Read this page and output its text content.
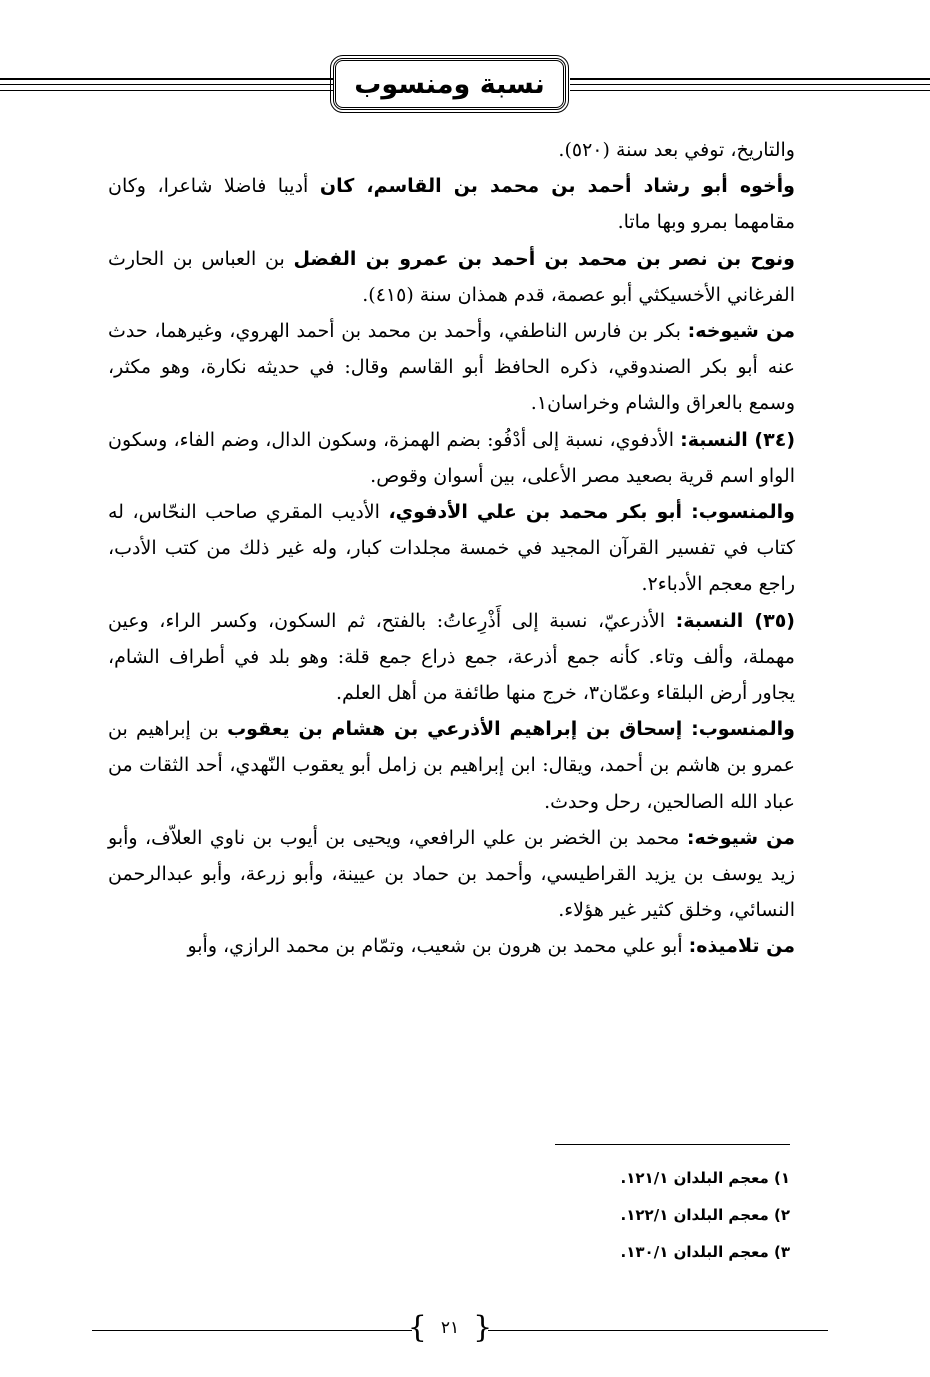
نسبة ومنسوب

والتاريخ، توفي بعد سنة (٥٢٠).

وأخوه أبو رشاد أحمد بن محمد بن القاسم، كان أديبا فاضلا شاعرا، وكان مقامهما بمرو وبها ماتا.

ونوح بن نصر بن محمد بن أحمد بن عمرو بن الفضل بن العباس بن الحارث الفرغاني الأخسيكثي أبو عصمة، قدم همذان سنة (٤١٥).

من شيوخه: بكر بن فارس الناطفي، وأحمد بن محمد بن أحمد الهروي، وغيرهما، حدث عنه أبو بكر الصندوقي، ذكره الحافظ أبو القاسم وقال: في حديثه نكارة، وهو مكثر، وسمع بالعراق والشام وخراسان١.

(٣٤) النسبة: الأدفوي، نسبة إلى أدْفُو: بضم الهمزة، وسكون الدال، وضم الفاء، وسكون الواو اسم قرية بصعيد مصر الأعلى، بين أسوان وقوص.

والمنسوب: أبو بكر محمد بن علي الأدفوي، الأديب المقري صاحب النحّاس، له كتاب في تفسير القرآن المجيد في خمسة مجلدات كبار، وله غير ذلك من كتب الأدب، راجع معجم الأدباء٢.

(٣٥) النسبة: الأذرعيّ، نسبة إلى أَذْرِعاتُ: بالفتح، ثم السكون، وكسر الراء، وعين مهملة، وألف وتاء. كأنه جمع أذرعة، جمع ذراع جمع قلة: وهو بلد في أطراف الشام، يجاور أرض البلقاء وعمّان٣، خرج منها طائفة من أهل العلم.

والمنسوب: إسحاق بن إبراهيم الأذرعي بن هشام بن يعقوب بن إبراهيم بن عمرو بن هاشم بن أحمد، ويقال: ابن إبراهيم بن زامل أبو يعقوب النّهدي، أحد الثقات من عباد الله الصالحين، رحل وحدث.

من شيوخه: محمد بن الخضر بن علي الرافعي، ويحيى بن أيوب بن ناوي العلاّف، وأبو زيد يوسف بن يزيد القراطيسي، وأحمد بن حماد بن عيينة، وأبو زرعة، وأبو عبدالرحمن النسائي، وخلق كثير غير هؤلاء.

من تلاميذه: أبو علي محمد بن هرون بن شعيب، وتمّام بن محمد الرازي، وأبو

١) معجم البلدان ١٢١/١.
٢) معجم البلدان ١٢٢/١.
٣) معجم البلدان ١٣٠/١.
{ ٢١ }
